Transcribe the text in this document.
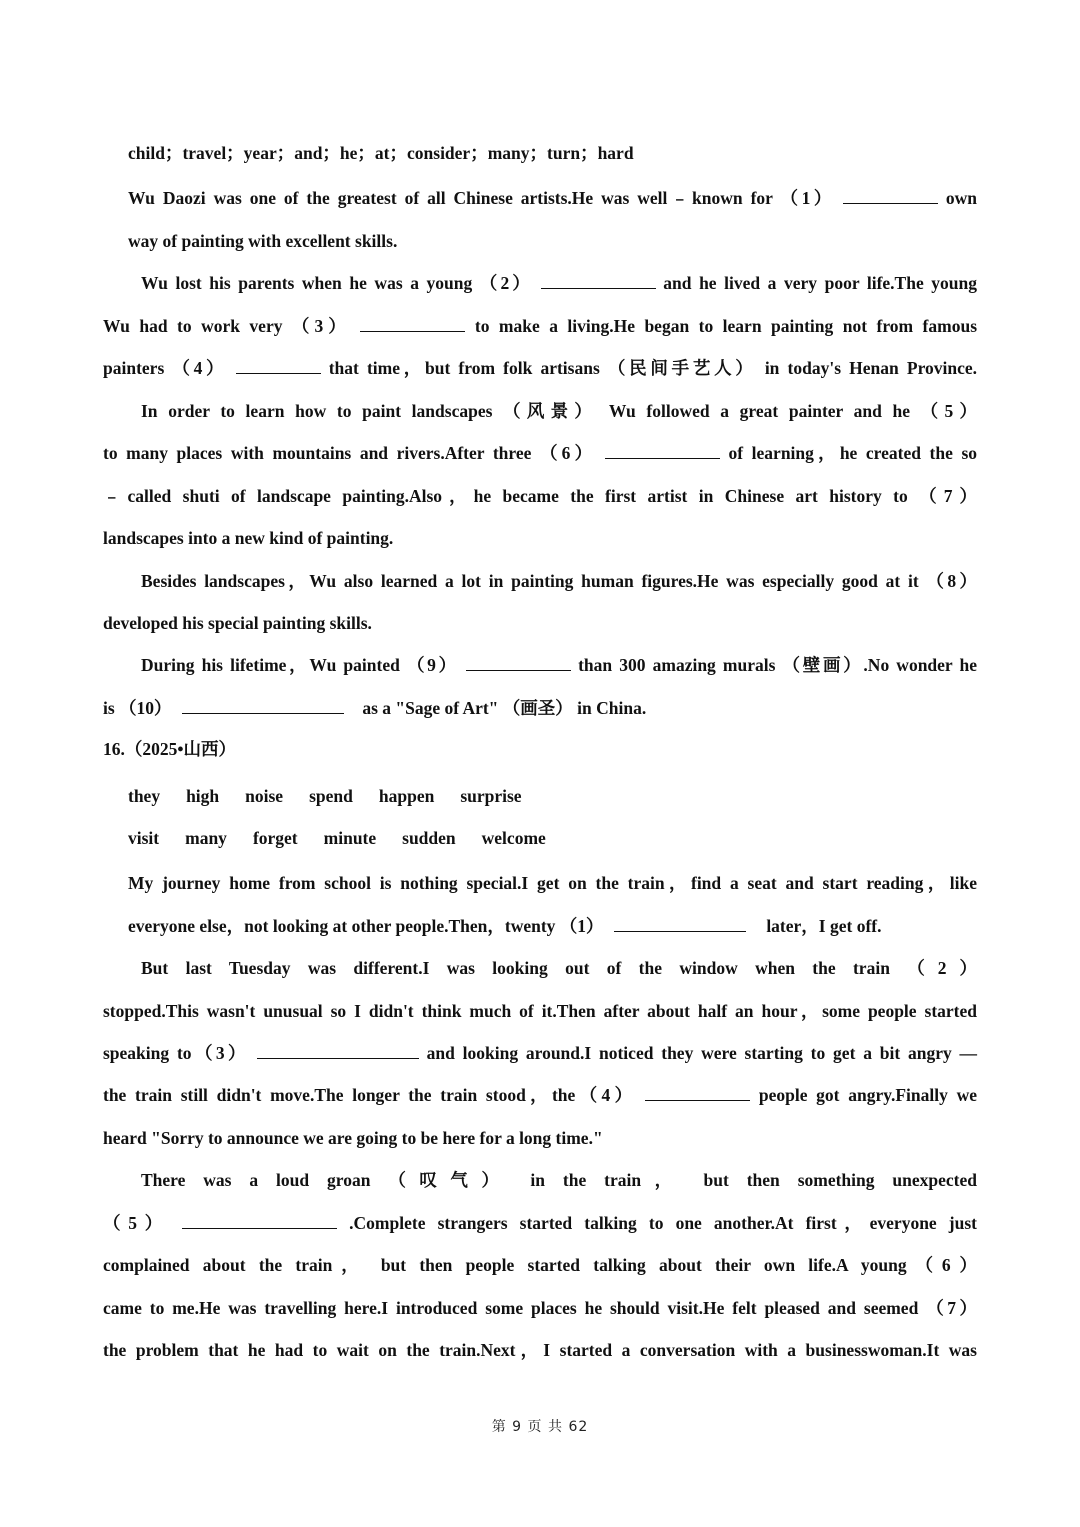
child；travel；year；and；he；at；consider；many；turn；hard
Wu Daozi was one of the greatest of all Chinese artists.He was well﹣known for （1）	own
way of painting with excellent skills.
Wu lost his parents when he was a young （2）	and he lived a very poor life.The young
Wu had to work very （3）	to make a living.He began to learn painting not from famous
painters （4）	that time，but from folk artisans （民间手艺人） in today's Henan Province.
In order to learn how to paint landscapes （风景） Wu followed a great painter and he （5）
to many places with mountains and rivers.After three （6）	of learning，he created the so
﹣called shuti of landscape painting.Also，he became the first artist in Chinese art history to （7）
landscapes into a new kind of painting.
Besides landscapes，Wu also learned a lot in painting human figures.He was especially good at it （8）
developed his special painting skills.
During his lifetime，Wu painted （9）	than 300 amazing murals （壁画）.No wonder he
is （10）	as a "Sage of Art" （画圣） in China.
16.（2025•山西）
they high noise spend happen surprise
visit many forget minute sudden welcome
My journey home from school is nothing special.I get on the train，find a seat and start reading，like
everyone else，not looking at other people.Then，twenty （1）	later，I get off.
But last Tuesday was different.I was looking out of the window when the train （2）
stopped.This wasn't unusual so I didn't think much of it.Then after about half an hour，some people started
speaking to（3）	and looking around.I noticed they were starting to get a bit angry —
the train still didn't move.The longer the train stood，the（4）	people got angry.Finally we
heard "Sorry to announce we are going to be here for a long time."
There was a loud groan （叹气） in the train， but then something unexpected
（5）	.Complete strangers started talking to one another.At first，everyone just
complained about the train， but then people started talking about their own life.A young（6）
came to me.He was travelling here.I introduced some places he should visit.He felt pleased and seemed （7）
the problem that he had to wait on the train.Next，I started a conversation with a businesswoman.It was
第 9 页 共 62
